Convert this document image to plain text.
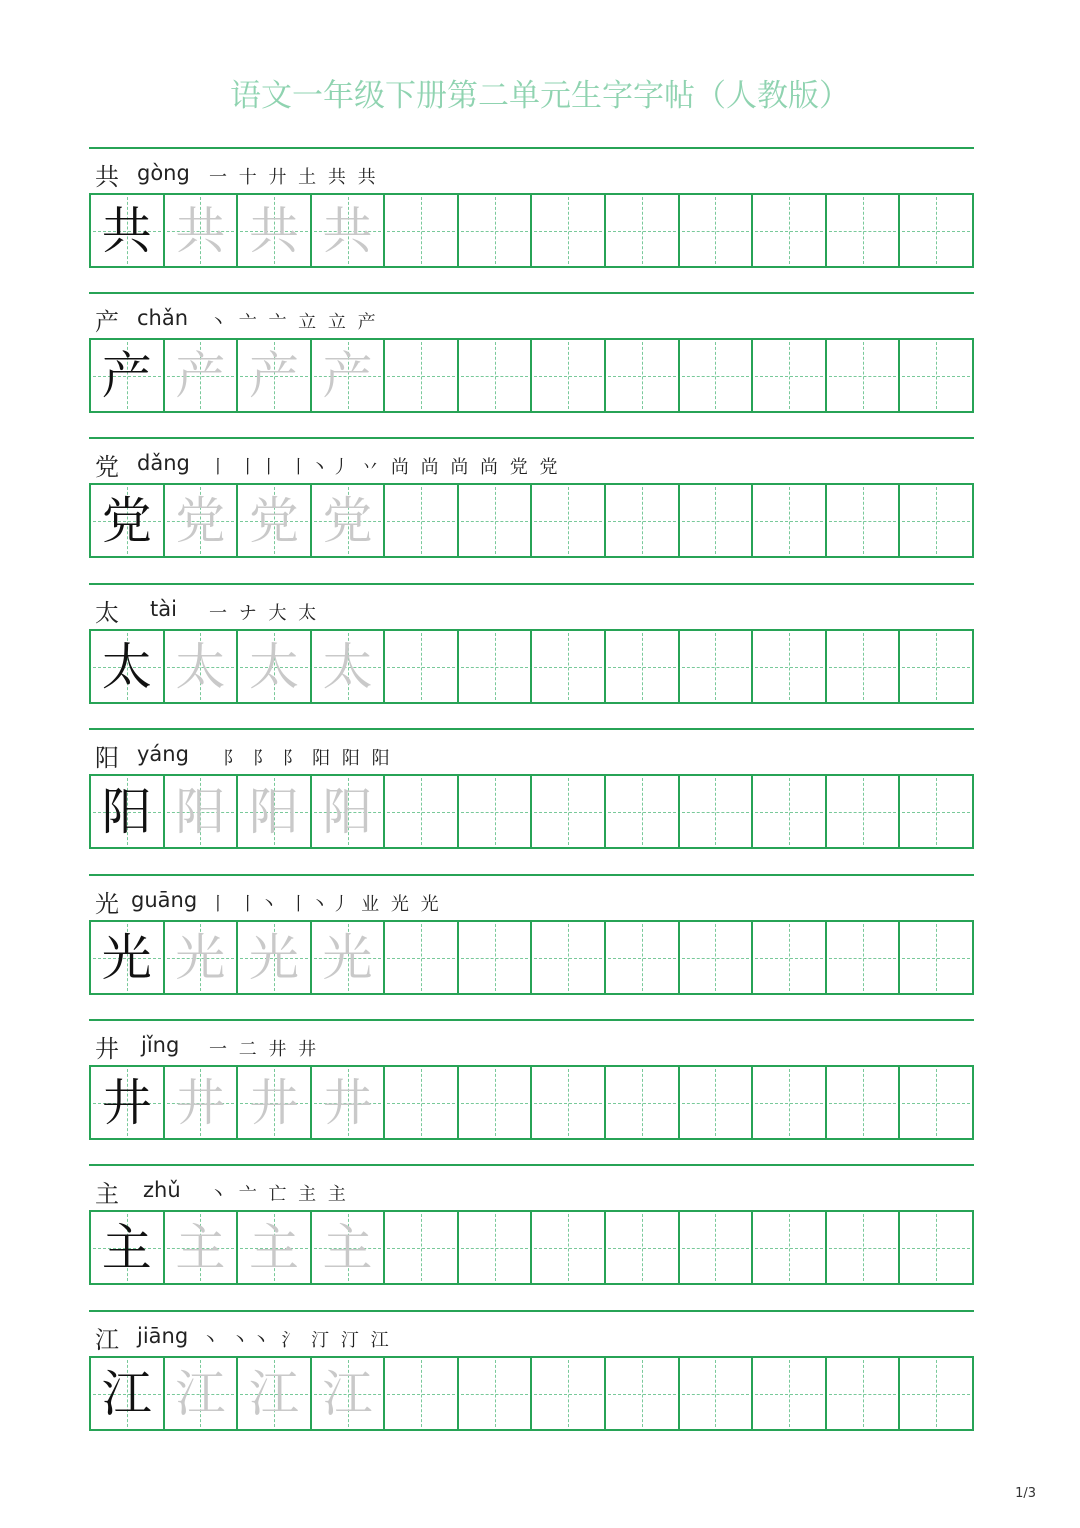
语文一年级下册第二单元生字字帖（人教版）
共 gòng 一 十 廾 土 共 共
共 共 共 共
产 chǎn 丶 亠 亠 立 立 产
产 产 产 产
党 dǎng 丨 丨丨 丨丶丿 丷 尚 尚 尚 尚 党 党
党 党 党 党
太 tài 一 ナ 大 太
太 太 太 太
阳 yáng 阝 阝 阝 阳 阳 阳
阳 阳 阳 阳
光 guāng 丨 丨丶 丨丶丿 业 光 光
光 光 光 光
井 jǐng 一 二 井 井
井 井 井 井
主 zhǔ 丶 亠 亡 主 主
主 主 主 主
江 jiāng 丶 丶丶 氵 汀 汀 江
江 江 江 江
1/3
